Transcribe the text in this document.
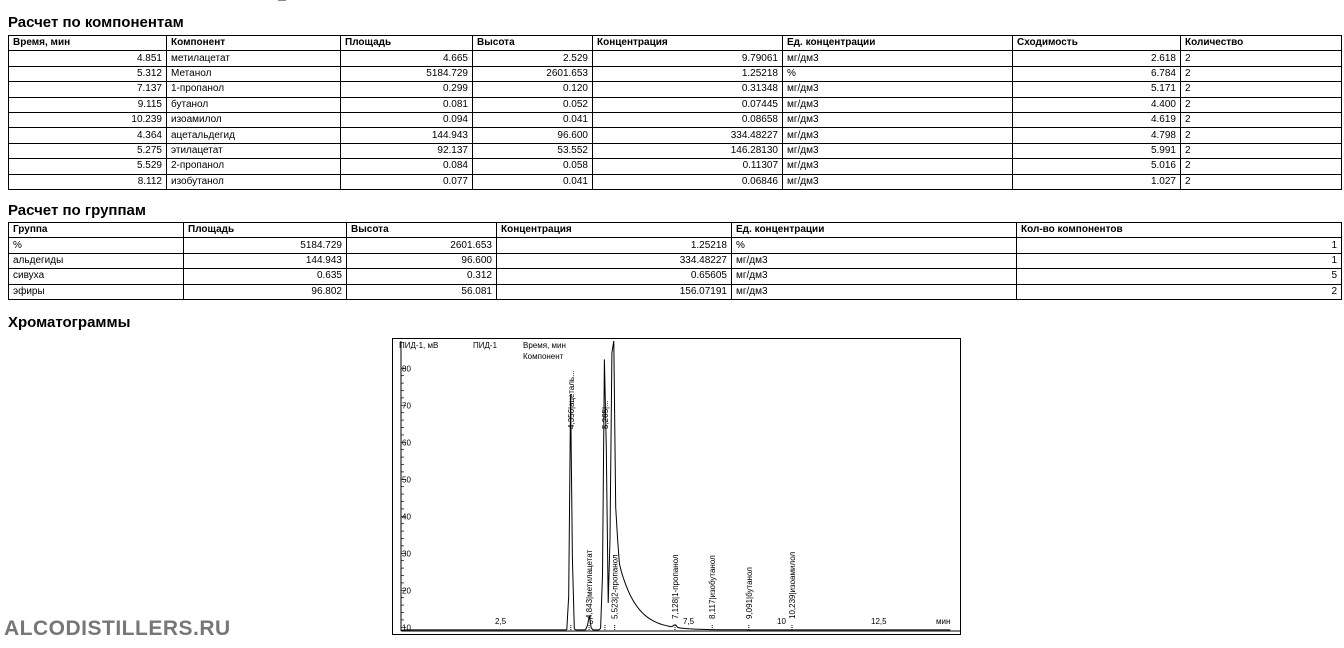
Расчет по компонентам
Время, мин	Компонент	Площадь	Высота	Концентрация	Ед. концентрации	Сходимость	Количество
4.851	метилацетат	4.665	2.529	9.79061	мг/дм3	2.618	2
5.312	Метанол	5184.729	2601.653	1.25218	%	6.784	2
7.137	1-пропанол	0.299	0.120	0.31348	мг/дм3	5.171	2
9.115	бутанол	0.081	0.052	0.07445	мг/дм3	4.400	2
10.239	изоамилол	0.094	0.041	0.08658	мг/дм3	4.619	2
4.364	ацетальдегид	144.943	96.600	334.48227	мг/дм3	4.798	2
5.275	этилацетат	92.137	53.552	146.28130	мг/дм3	5.991	2
5.529	2-пропанол	0.084	0.058	0.11307	мг/дм3	5.016	2
8.112	изобутанол	0.077	0.041	0.06846	мг/дм3	1.027	2
Расчет по группам
Группа	Площадь	Высота	Концентрация	Ед. концентрации	Кол-во компонентов
%	5184.729	2601.653	1.25218	%	1
альдегиды	144.943	96.600	334.48227	мг/дм3	1
сивуха	0.635	0.312	0.65605	мг/дм3	5
эфиры	96.802	56.081	156.07191	мг/дм3	2
Хроматограммы
80
70
60
50
40
30
20
10
2,5	5	7,5	10	12,5
ПИД-1, мВ	ПИД-1	Время, мин
Компонент
мин
4,356|ацеталь...
4,843|метилацетат
5,265|...
5,523|2-пропанол	7,128|1-пропанол	8,117|изобутанол	9,091|бутанол	10,239|изоамилол
ALCODISTILLERS.RU
